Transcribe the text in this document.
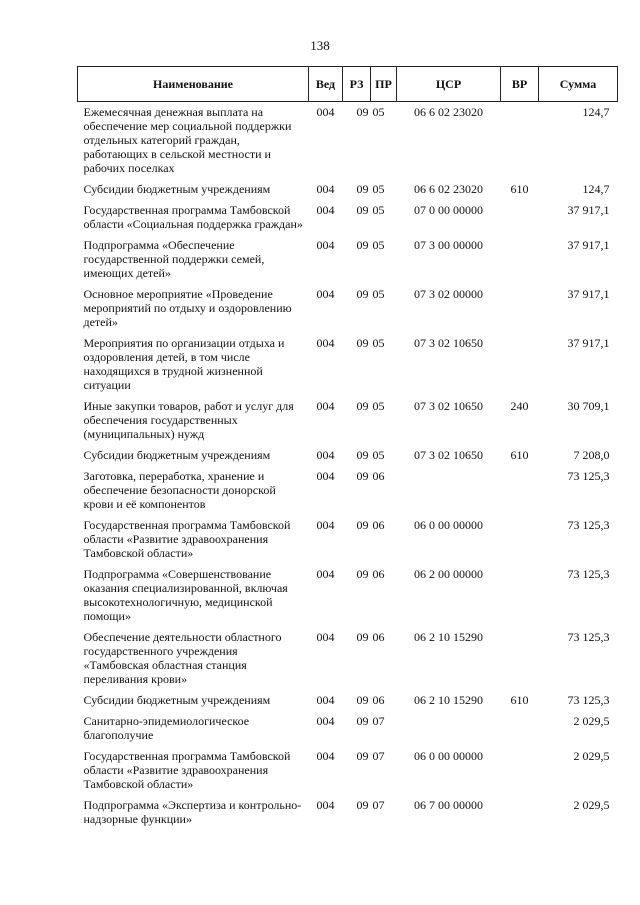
138
Наименование	Вед	РЗ	ПР	ЦСР	ВР	Сумма
Ежемесячная денежная выплата на обеспечение мер социальной поддержки отдельных категорий граждан, работающих в сельской местности и рабочих поселках	004	09	05	06 6 02 23020		124,7
Субсидии бюджетным учреждениям	004	09	05	06 6 02 23020	610	124,7
Государственная программа Тамбовской области «Социальная поддержка граждан»	004	09	05	07 0 00 00000		37 917,1
Подпрограмма «Обеспечение государственной поддержки семей, имеющих детей»	004	09	05	07 3 00 00000		37 917,1
Основное мероприятие «Проведение мероприятий по отдыху и оздоровлению детей»	004	09	05	07 3 02 00000		37 917,1
Мероприятия по организации отдыха и оздоровления детей, в том числе находящихся в трудной жизненной ситуации	004	09	05	07 3 02 10650		37 917,1
Иные закупки товаров, работ и услуг для обеспечения государственных (муниципальных) нужд	004	09	05	07 3 02 10650	240	30 709,1
Субсидии бюджетным учреждениям	004	09	05	07 3 02 10650	610	7 208,0
Заготовка, переработка, хранение и обеспечение безопасности донорской крови и её компонентов	004	09	06			73 125,3
Государственная программа Тамбовской области «Развитие здравоохранения Тамбовской области»	004	09	06	06 0 00 00000		73 125,3
Подпрограмма «Совершенствование оказания специализированной, включая высокотехнологичную, медицинской помощи»	004	09	06	06 2 00 00000		73 125,3
Обеспечение деятельности областного государственного учреждения «Тамбовская областная станция переливания крови»	004	09	06	06 2 10 15290		73 125,3
Субсидии бюджетным учреждениям	004	09	06	06 2 10 15290	610	73 125,3
Санитарно-эпидемиологическое благополучие	004	09	07			2 029,5
Государственная программа Тамбовской области «Развитие здравоохранения Тамбовской области»	004	09	07	06 0 00 00000		2 029,5
Подпрограмма «Экспертиза и контрольно-надзорные функции»	004	09	07	06 7 00 00000		2 029,5
